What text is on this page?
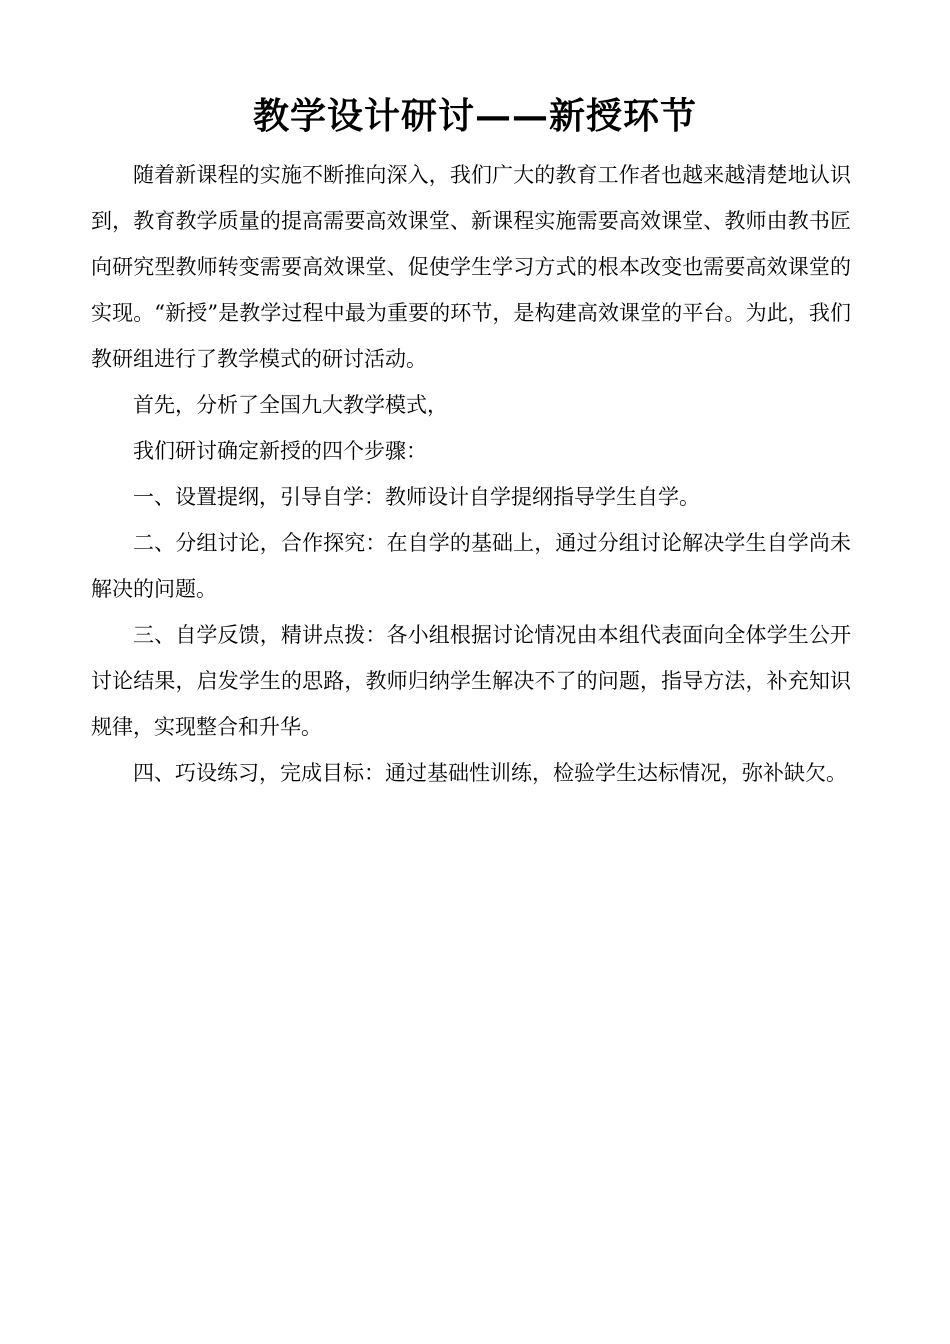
教学设计研讨——新授环节

随着新课程的实施不断推向深入，我们广大的教育工作者也越来越清楚地认识到，教育教学质量的提高需要高效课堂、新课程实施需要高效课堂、教师由教书匠向研究型教师转变需要高效课堂、促使学生学习方式的根本改变也需要高效课堂的实现。“新授”是教学过程中最为重要的环节，是构建高效课堂的平台。为此，我们教研组进行了教学模式的研讨活动。

首先，分析了全国九大教学模式，

我们研讨确定新授的四个步骤：

一、设置提纲，引导自学：教师设计自学提纲指导学生自学。

二、分组讨论，合作探究：在自学的基础上，通过分组讨论解决学生自学尚未解决的问题。

三、自学反馈，精讲点拨：各小组根据讨论情况由本组代表面向全体学生公开讨论结果，启发学生的思路，教师归纳学生解决不了的问题，指导方法，补充知识规律，实现整合和升华。

四、巧设练习，完成目标：通过基础性训练，检验学生达标情况，弥补缺欠。
